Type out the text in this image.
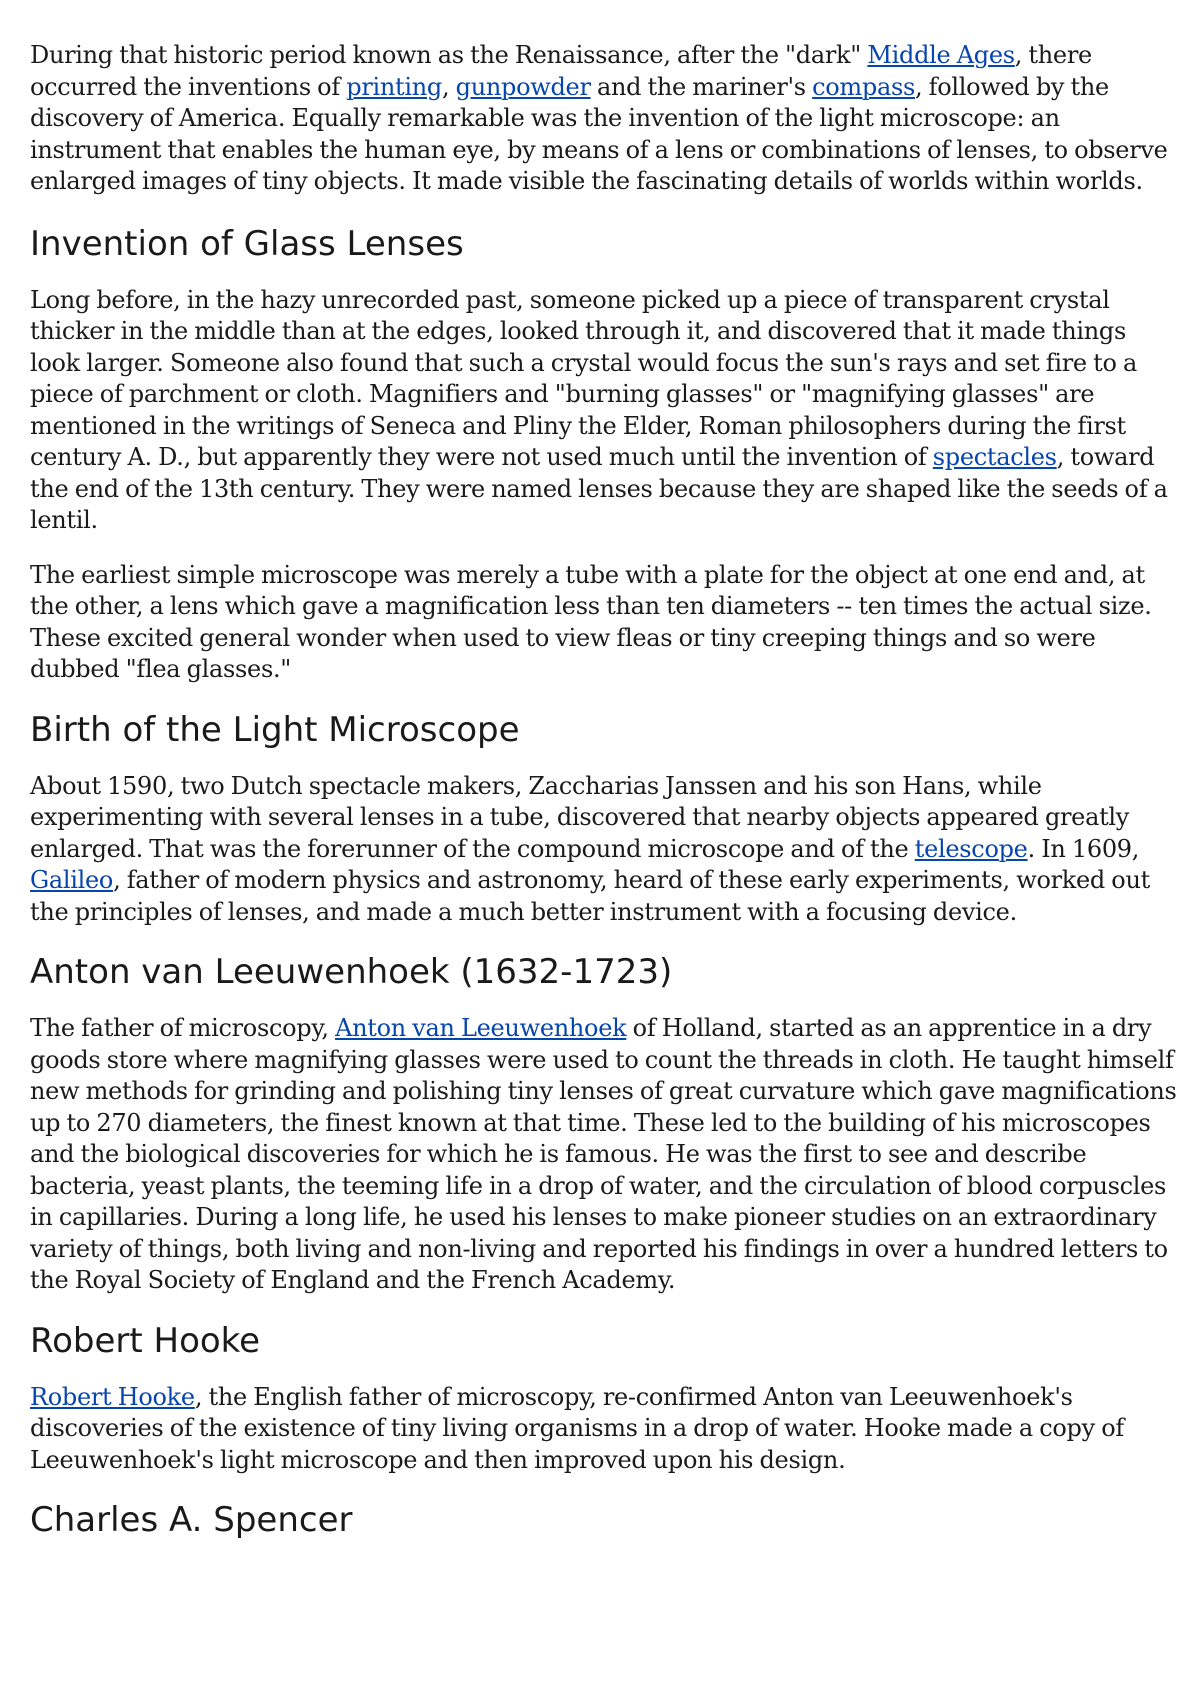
During that historic period known as the Renaissance, after the "dark" Middle Ages, there occurred the inventions of printing, gunpowder and the mariner's compass, followed by the discovery of America. Equally remarkable was the invention of the light microscope: an instrument that enables the human eye, by means of a lens or combinations of lenses, to observe enlarged images of tiny objects. It made visible the fascinating details of worlds within worlds.

Invention of Glass Lenses

Long before, in the hazy unrecorded past, someone picked up a piece of transparent crystal thicker in the middle than at the edges, looked through it, and discovered that it made things look larger. Someone also found that such a crystal would focus the sun's rays and set fire to a piece of parchment or cloth. Magnifiers and "burning glasses" or "magnifying glasses" are mentioned in the writings of Seneca and Pliny the Elder, Roman philosophers during the first century A. D., but apparently they were not used much until the invention of spectacles, toward the end of the 13th century. They were named lenses because they are shaped like the seeds of a lentil.

The earliest simple microscope was merely a tube with a plate for the object at one end and, at the other, a lens which gave a magnification less than ten diameters -- ten times the actual size. These excited general wonder when used to view fleas or tiny creeping things and so were dubbed "flea glasses."

Birth of the Light Microscope

About 1590, two Dutch spectacle makers, Zaccharias Janssen and his son Hans, while experimenting with several lenses in a tube, discovered that nearby objects appeared greatly enlarged. That was the forerunner of the compound microscope and of the telescope. In 1609, Galileo, father of modern physics and astronomy, heard of these early experiments, worked out the principles of lenses, and made a much better instrument with a focusing device.

Anton van Leeuwenhoek (1632-1723)

The father of microscopy, Anton van Leeuwenhoek of Holland, started as an apprentice in a dry goods store where magnifying glasses were used to count the threads in cloth. He taught himself new methods for grinding and polishing tiny lenses of great curvature which gave magnifications up to 270 diameters, the finest known at that time. These led to the building of his microscopes and the biological discoveries for which he is famous. He was the first to see and describe bacteria, yeast plants, the teeming life in a drop of water, and the circulation of blood corpuscles in capillaries. During a long life, he used his lenses to make pioneer studies on an extraordinary variety of things, both living and non-living and reported his findings in over a hundred letters to the Royal Society of England and the French Academy.

Robert Hooke

Robert Hooke, the English father of microscopy, re-confirmed Anton van Leeuwenhoek's discoveries of the existence of tiny living organisms in a drop of water. Hooke made a copy of Leeuwenhoek's light microscope and then improved upon his design.

Charles A. Spencer
